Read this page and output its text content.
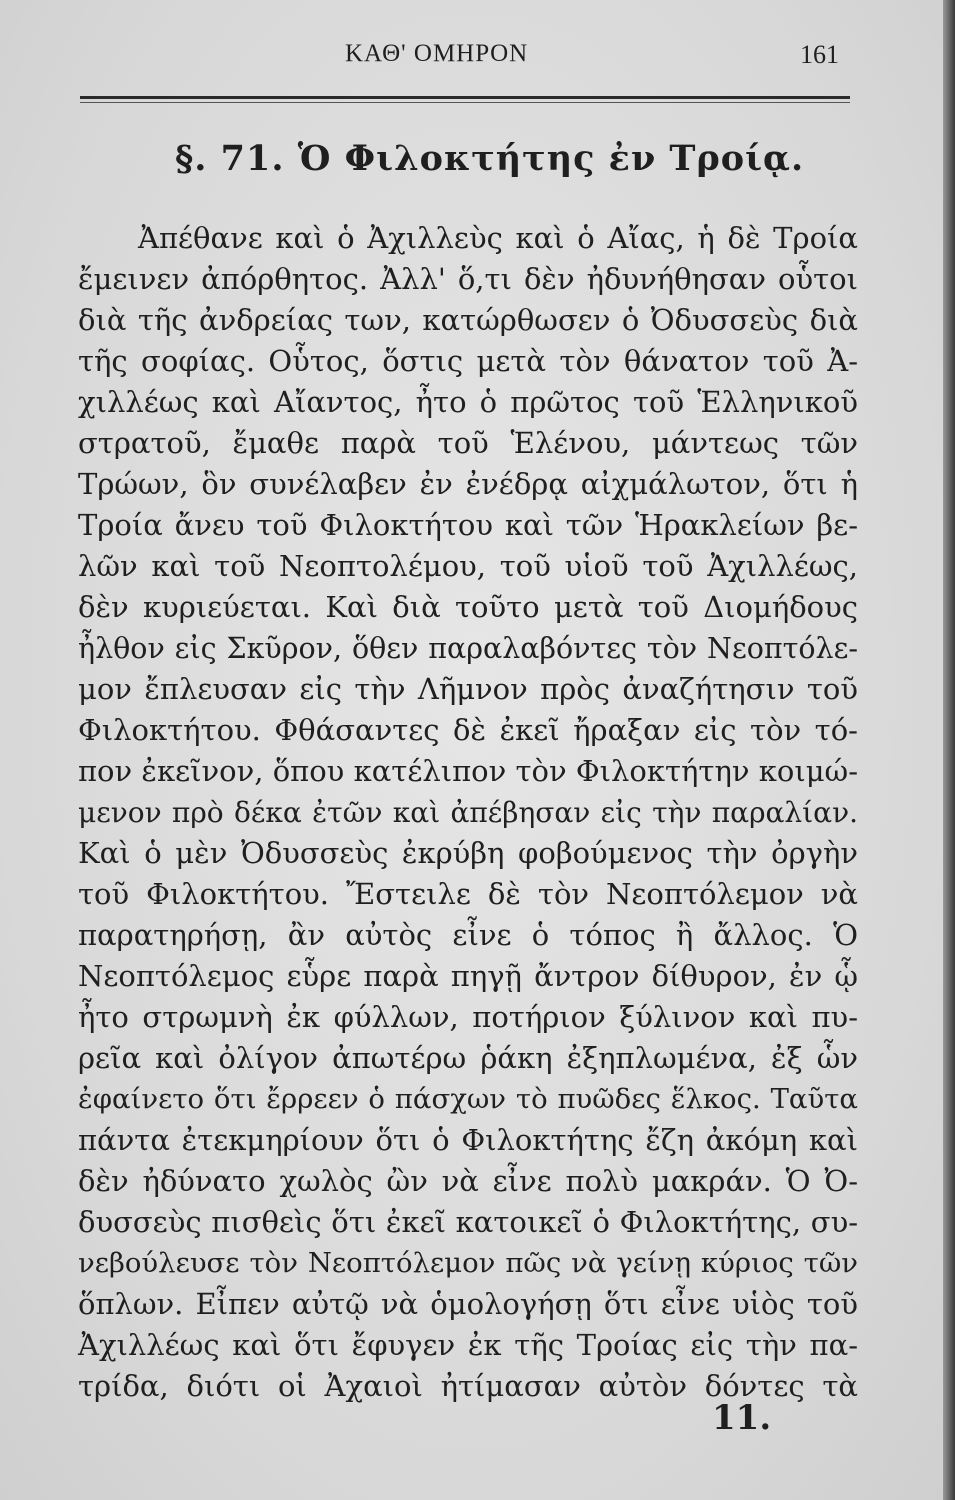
ΚΑΘ' ΟΜΗΡΟΝ	161
§. 71. Ὁ Φιλοκτήτης ἐν Τροίᾳ.
Ἀπέθανε καὶ ὁ Ἀχιλλεὺς καὶ ὁ Αἴας, ἡ δὲ Τροία
ἔμεινεν ἀπόρθητος. Ἀλλ' ὅ,τι δὲν ἠδυνήθησαν οὗτοι
διὰ τῆς ἀνδρείας των, κατώρθωσεν ὁ Ὀδυσσεὺς διὰ
τῆς σοφίας. Οὗτος, ὅστις μετὰ τὸν θάνατον τοῦ Ἀ-
χιλλέως καὶ Αἴαντος, ἦτο ὁ πρῶτος τοῦ Ἑλληνικοῦ
στρατοῦ, ἔμαθε παρὰ τοῦ Ἑλένου, μάντεως τῶν
Τρώων, ὃν συνέλαβεν ἐν ἐνέδρᾳ αἰχμάλωτον, ὅτι ἡ
Τροία ἄνευ τοῦ Φιλοκτήτου καὶ τῶν Ἡρακλείων βε-
λῶν καὶ τοῦ Νεοπτολέμου, τοῦ υἱοῦ τοῦ Ἀχιλλέως,
δὲν κυριεύεται. Καὶ διὰ τοῦτο μετὰ τοῦ Διομήδους
ἦλθον εἰς Σκῦρον, ὅθεν παραλαβόντες τὸν Νεοπτόλε-
μον ἔπλευσαν εἰς τὴν Λῆμνον πρὸς ἀναζήτησιν τοῦ
Φιλοκτήτου. Φθάσαντες δὲ ἐκεῖ ἤραξαν εἰς τὸν τό-
πον ἐκεῖνον, ὅπου κατέλιπον τὸν Φιλοκτήτην κοιμώ-
μενον πρὸ δέκα ἐτῶν καὶ ἀπέβησαν εἰς τὴν παραλίαν.
Καὶ ὁ μὲν Ὀδυσσεὺς ἐκρύβη φοβούμενος τὴν ὀργὴν
τοῦ Φιλοκτήτου. Ἔστειλε δὲ τὸν Νεοπτόλεμον νὰ
παρατηρήσῃ, ἂν αὐτὸς εἶνε ὁ τόπος ἢ ἄλλος. Ὁ
Νεοπτόλεμος εὗρε παρὰ πηγῇ ἄντρον δίθυρον, ἐν ᾧ
ἦτο στρωμνὴ ἐκ φύλλων, ποτήριον ξύλινον καὶ πυ-
ρεῖα καὶ ὀλίγον ἀπωτέρω ῥάκη ἐξηπλωμένα, ἐξ ὧν
ἐφαίνετο ὅτι ἔρρεεν ὁ πάσχων τὸ πυῶδες ἕλκος. Ταῦτα
πάντα ἐτεκμηρίουν ὅτι ὁ Φιλοκτήτης ἔζη ἀκόμη καὶ
δὲν ἠδύνατο χωλὸς ὢν νὰ εἶνε πολὺ μακράν. Ὁ Ὀ-
δυσσεὺς πισθεὶς ὅτι ἐκεῖ κατοικεῖ ὁ Φιλοκτήτης, συ-
νεβούλευσε τὸν Νεοπτόλεμον πῶς νὰ γείνῃ κύριος τῶν
ὅπλων. Εἶπεν αὐτῷ νὰ ὁμολογήσῃ ὅτι εἶνε υἱὸς τοῦ
Ἀχιλλέως καὶ ὅτι ἔφυγεν ἐκ τῆς Τροίας εἰς τὴν πα-
τρίδα, διότι οἱ Ἀχαιοὶ ἠτίμασαν αὐτὸν δόντες τὰ
11.
